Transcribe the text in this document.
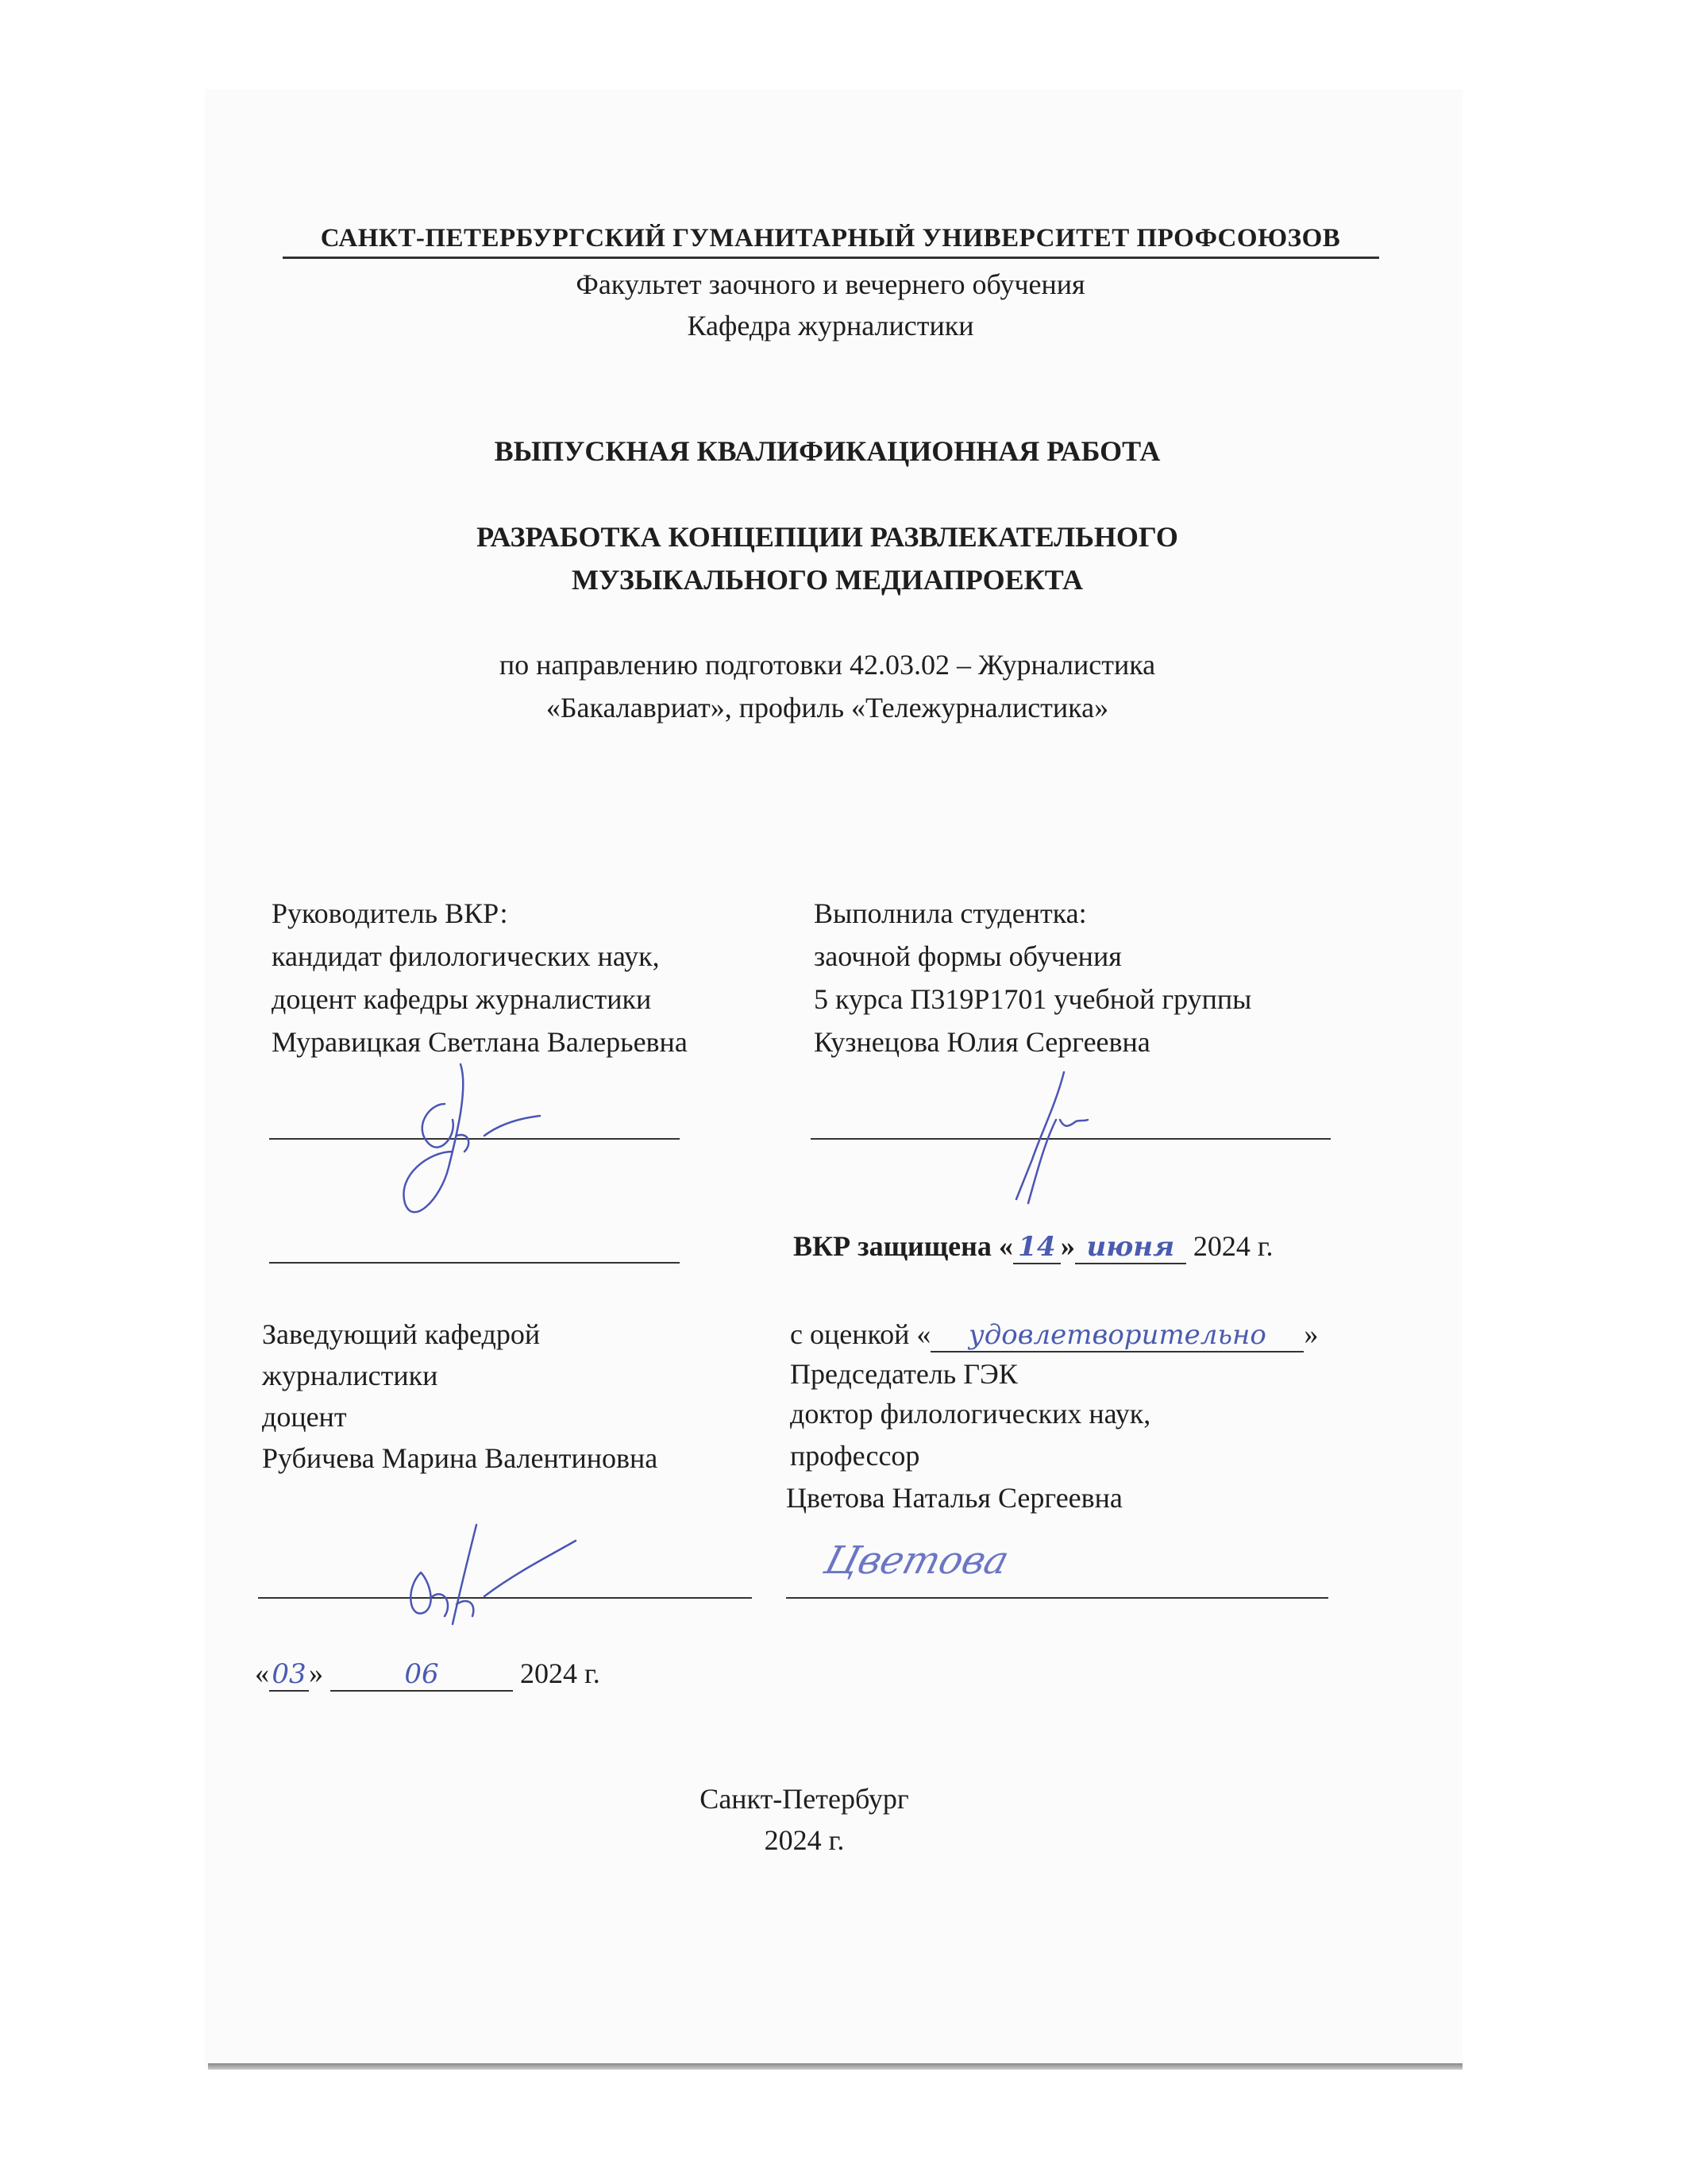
САНКТ-ПЕТЕРБУРГСКИЙ ГУМАНИТАРНЫЙ УНИВЕРСИТЕТ ПРОФСОЮЗОВ
Факультет заочного и вечернего обучения
Кафедра журналистики
ВЫПУСКНАЯ КВАЛИФИКАЦИОННАЯ РАБОТА
РАЗРАБОТКА КОНЦЕПЦИИ РАЗВЛЕКАТЕЛЬНОГО
МУЗЫКАЛЬНОГО МЕДИАПРОЕКТА
по направлению подготовки 42.03.02 – Журналистика
«Бакалавриат», профиль «Тележурналистика»
Руководитель ВКР:
кандидат филологических наук,
доцент кафедры журналистики
Муравицкая Светлана Валерьевна
Выполнила студентка:
заочной формы обучения
5 курса П319Р1701 учебной группы
Кузнецова Юлия Сергеевна
ВКР защищена « 14 » июня 2024 г.
с оценкой « удовлетворительно »
Заведующий кафедрой
журналистики
доцент
Рубичева Марина Валентиновна
Председатель ГЭК
доктор филологических наук,
профессор
Цветова Наталья Сергеевна
Цветова
«03»	06	2024 г.
Санкт-Петербург
2024 г.
